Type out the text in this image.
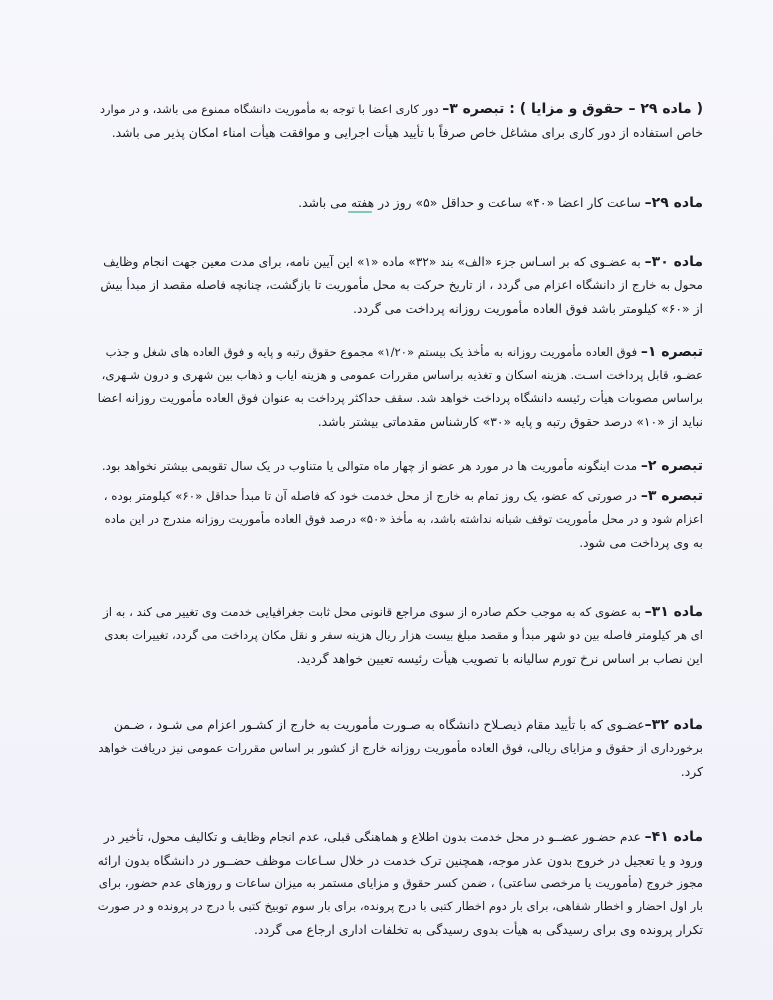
( ماده ۲۹ – حقوق و مزایا ) : تبصره ۳– دور کاری اعضا با توجه به مأموریت دانشگاه ممنوع می باشد، و در موارد
خاص استفاده از دور کاری برای مشاغل خاص صرفاً با تأیید هیأت اجرایی و موافقت هیأت امناء امکان پذیر می باشد.
ماده ۲۹– ساعت کار اعضا «۴۰» ساعت و حداقل «۵» روز در هفته می باشد.
ماده ۳۰– به عضـوی که بر اسـاس جزء «الف» بند «۳۲» ماده «۱» این آیین نامه، برای مدت معین جهت انجام وظایف
محول به خارج از دانشگاه اعزام می گردد ، از تاریخ حرکت به محل مأموریت تا بازگشت، چنانچه فاصله مقصد از مبدأ بیش
از «۶۰» کیلومتر باشد فوق العاده مأموریت روزانه پرداخت می گردد.
تبصره ۱– فوق العاده مأموریت روزانه به مأخذ یک بیستم «۱/۲۰» مجموع حقوق رتبه و پایه و فوق العاده های شغل و جذب
عضـو، قابل پرداخت اسـت. هزینه اسکان و تغذیه براساس مقررات عمومی و هزینه ایاب و ذهاب بین شهری و درون شـهری،
براساس مصوبات هیأت رئیسه دانشگاه پرداخت خواهد شد. سقف حداکثر پرداخت به عنوان فوق العاده مأموریت روزانه اعضا
نباید از «۱۰» درصد حقوق رتبه و پایه «۳۰» کارشناس مقدماتی بیشتر باشد.
تبصره ۲– مدت اینگونه مأموریت ها در مورد هر عضو از چهار ماه متوالی یا متناوب در یک سال تقویمی بیشتر نخواهد بود.
تبصره ۳– در صورتی که عضو، یک روز تمام به خارج از محل خدمت خود که فاصله آن تا مبدأ حداقل «۶۰» کیلومتر بوده ،
اعزام شود و در محل مأموریت توقف شبانه نداشته باشد، به مأخذ «۵۰» درصد فوق العاده مأموریت روزانه مندرج در این ماده
به وی پرداخت می شود.
ماده ۳۱– به عضوی که به موجب حکم صادره از سوی مراجع قانونی محل ثابت جغرافیایی خدمت وی تغییر می کند ، به از
ای هر کیلومتر فاصله بین دو شهر مبدأ و مقصد مبلغ بیست هزار ریال هزینه سفر و نقل مکان پرداخت می گردد، تغییرات بعدی
این نصاب بر اساس نرخ تورم سالیانه با تصویب هیأت رئیسه تعیین خواهد گردید.
ماده ۳۲–عضـوی که با تأیید مقام ذیصـلاح دانشگاه به صـورت مأموریت به خارج از کشـور اعزام می شـود ، ضـمن
برخورداری از حقوق و مزایای ریالی، فوق العاده مأموریت روزانه خارج از کشور بر اساس مقررات عمومی نیز دریافت خواهد
کرد.
ماده ۴۱– عدم حضـور عضــو در محل خدمت بدون اطلاع و هماهنگی قبلی، عدم انجام وظایف و تکالیف محول، تأخیر در
ورود و یا تعجیل در خروج بدون عذر موجه، همچنین ترک خدمت در خلال سـاعات موظف حضــور در دانشگاه بدون ارائه
مجوز خروج (مأموریت یا مرخصی ساعتی) ، ضمن کسر حقوق و مزایای مستمر به میزان ساعات و روزهای عدم حضور، برای
بار اول احضار و اخطار شفاهی، برای بار دوم اخطار کتبی با درج پرونده، برای بار سوم توبیخ کتبی با درج در پرونده و در صورت
تکرار پرونده وی برای رسیدگی به هیأت بدوی رسیدگی به تخلفات اداری ارجاع می گردد.
